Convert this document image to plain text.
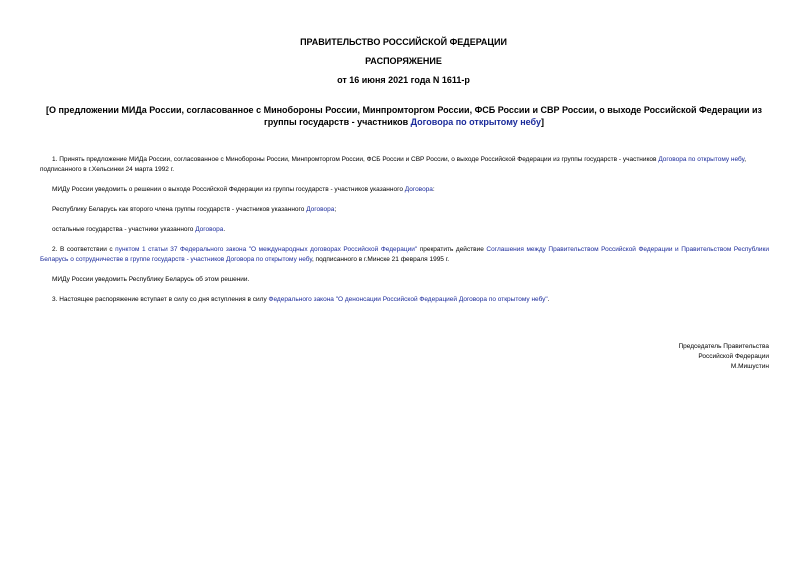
ПРАВИТЕЛЬСТВО РОССИЙСКОЙ ФЕДЕРАЦИИ
РАСПОРЯЖЕНИЕ
от 16 июня 2021 года N 1611-р
[О предложении МИДа России, согласованное с Минобороны России, Минпромторгом России, ФСБ России и СВР России, о выходе Российской Федерации из группы государств - участников Договора по открытому небу]

1. Принять предложение МИДа России, согласованное с Минобороны России, Минпромторгом России, ФСБ России и СВР России, о выходе Российской Федерации из группы государств - участников Договора по открытому небу, подписанного в г.Хельсинки 24 марта 1992 г.

МИДу России уведомить о решении о выходе Российской Федерации из группы государств - участников указанного Договора:

Республику Беларусь как второго члена группы государств - участников указанного Договора;

остальные государства - участники указанного Договора.

2. В соответствии с пунктом 1 статьи 37 Федерального закона "О международных договорах Российской Федерации" прекратить действие Соглашения между Правительством Российской Федерации и Правительством Республики Беларусь о сотрудничестве в группе государств - участников Договора по открытому небу, подписанного в г.Минске 21 февраля 1995 г.

МИДу России уведомить Республику Беларусь об этом решении.

3. Настоящее распоряжение вступает в силу со дня вступления в силу Федерального закона "О денонсации Российской Федерацией Договора по открытому небу".

Председатель Правительства
Российской Федерации
М.Мишустин
